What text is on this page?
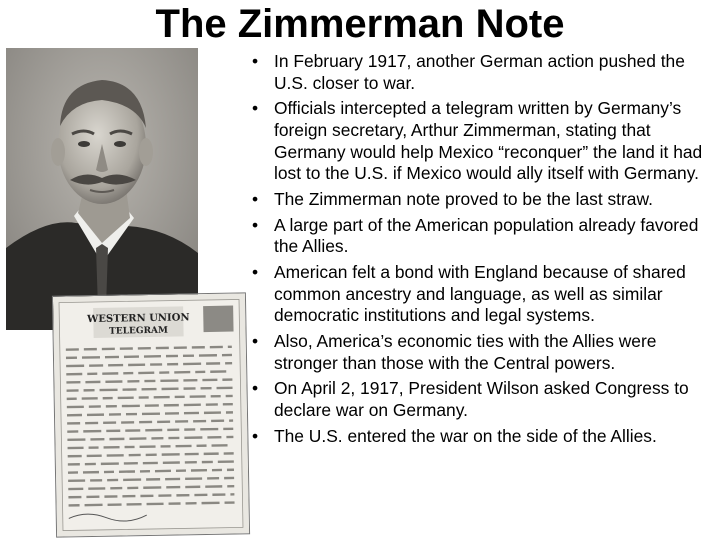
The Zimmerman Note
WESTERN UNION
TELEGRAM
• In February 1917, another German action pushed the U.S. closer to war.
• Officials intercepted a telegram written by Germany’s foreign secretary, Arthur Zimmerman, stating that Germany would help Mexico “reconquer” the land it had lost to the U.S. if Mexico would ally itself with Germany.
• The Zimmerman note proved to be the last straw.
• A large part of the American population already favored the Allies.
• American felt a bond with England because of shared common ancestry and language, as well as similar democratic institutions and legal systems.
• Also, America’s economic ties with the Allies were stronger than those with the Central powers.
• On April 2, 1917, President Wilson asked Congress to declare war on Germany.
• The U.S. entered the war on the side of the Allies.
